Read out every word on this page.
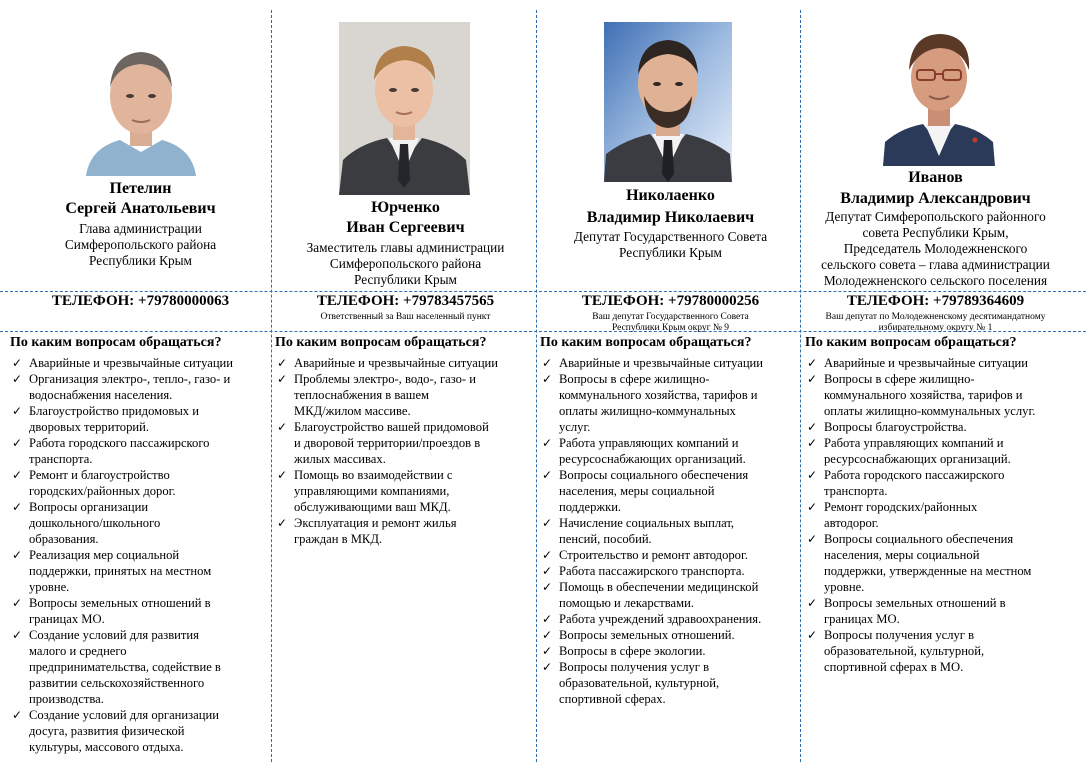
Петелин
Сергей Анатольевич
Глава администрации
Симферопольского района
Республики Крым
ТЕЛЕФОН: +79780000063
По каким вопросам обращаться?
✓ Аварийные и чрезвычайные ситуации
✓ Организация электро-, тепло-, газо- и
водоснабжения населения.
✓ Благоустройство придомовых и
дворовых территорий.
✓ Работа городского пассажирского
транспорта.
✓ Ремонт и благоустройство
городских/районных дорог.
✓ Вопросы организации
дошкольного/школьного
образования.
✓ Реализация мер социальной
поддержки, принятых на местном
уровне.
✓ Вопросы земельных отношений в
границах МО.
✓ Создание условий для развития
малого и среднего
предпринимательства, содействие в
развитии сельскохозяйственного
производства.
✓ Создание условий для организации
досуга, развития физической
культуры, массового отдыха.
Юрченко
Иван Сергеевич
Заместитель главы администрации
Симферопольского района
Республики Крым
ТЕЛЕФОН: +79783457565
Ответственный за Ваш населенный пункт
По каким вопросам обращаться?
✓ Аварийные и чрезвычайные ситуации
✓ Проблемы электро-, водо-, газо- и
теплоснабжения в вашем
МКД/жилом массиве.
✓ Благоустройство вашей придомовой
и дворовой территории/проездов в
жилых массивах.
✓ Помощь во взаимодействии с
управляющими компаниями,
обслуживающими ваш МКД.
✓ Эксплуатация и ремонт жилья
граждан в МКД.
Николаенко
Владимир Николаевич
Депутат Государственного Совета
Республики Крым
ТЕЛЕФОН: +79780000256
Ваш депутат Государственного Совета
Республики Крым округ № 9
По каким вопросам обращаться?
✓ Аварийные и чрезвычайные ситуации
✓ Вопросы в сфере жилищно-
коммунального хозяйства, тарифов и
оплаты жилищно-коммунальных
услуг.
✓ Работа управляющих компаний и
ресурсоснабжающих организаций.
✓ Вопросы социального обеспечения
населения, меры социальной
поддержки.
✓ Начисление социальных выплат,
пенсий, пособий.
✓ Строительство и ремонт автодорог.
✓ Работа пассажирского транспорта.
✓ Помощь в обеспечении медицинской
помощью и лекарствами.
✓ Работа учреждений здравоохранения.
✓ Вопросы земельных отношений.
✓ Вопросы в сфере экологии.
✓ Вопросы получения услуг в
образовательной, культурной,
спортивной сферах.
Иванов
Владимир Александрович
Депутат Симферопольского районного
совета Республики Крым,
Председатель Молодежненского
сельского совета – глава администрации
Молодежненского сельского поселения
ТЕЛЕФОН: +79789364609
Ваш депутат по Молодежненскому десятимандатному
избирательному округу № 1
По каким вопросам обращаться?
✓ Аварийные и чрезвычайные ситуации
✓ Вопросы в сфере жилищно-
коммунального хозяйства, тарифов и
оплаты жилищно-коммунальных услуг.
✓ Вопросы благоустройства.
✓ Работа управляющих компаний и
ресурсоснабжающих организаций.
✓ Работа городского пассажирского
транспорта.
✓ Ремонт городских/районных
автодорог.
✓ Вопросы социального обеспечения
населения, меры социальной
поддержки, утвержденные на местном
уровне.
✓ Вопросы земельных отношений в
границах МО.
✓ Вопросы получения услуг в
образовательной, культурной,
спортивной сферах в МО.
